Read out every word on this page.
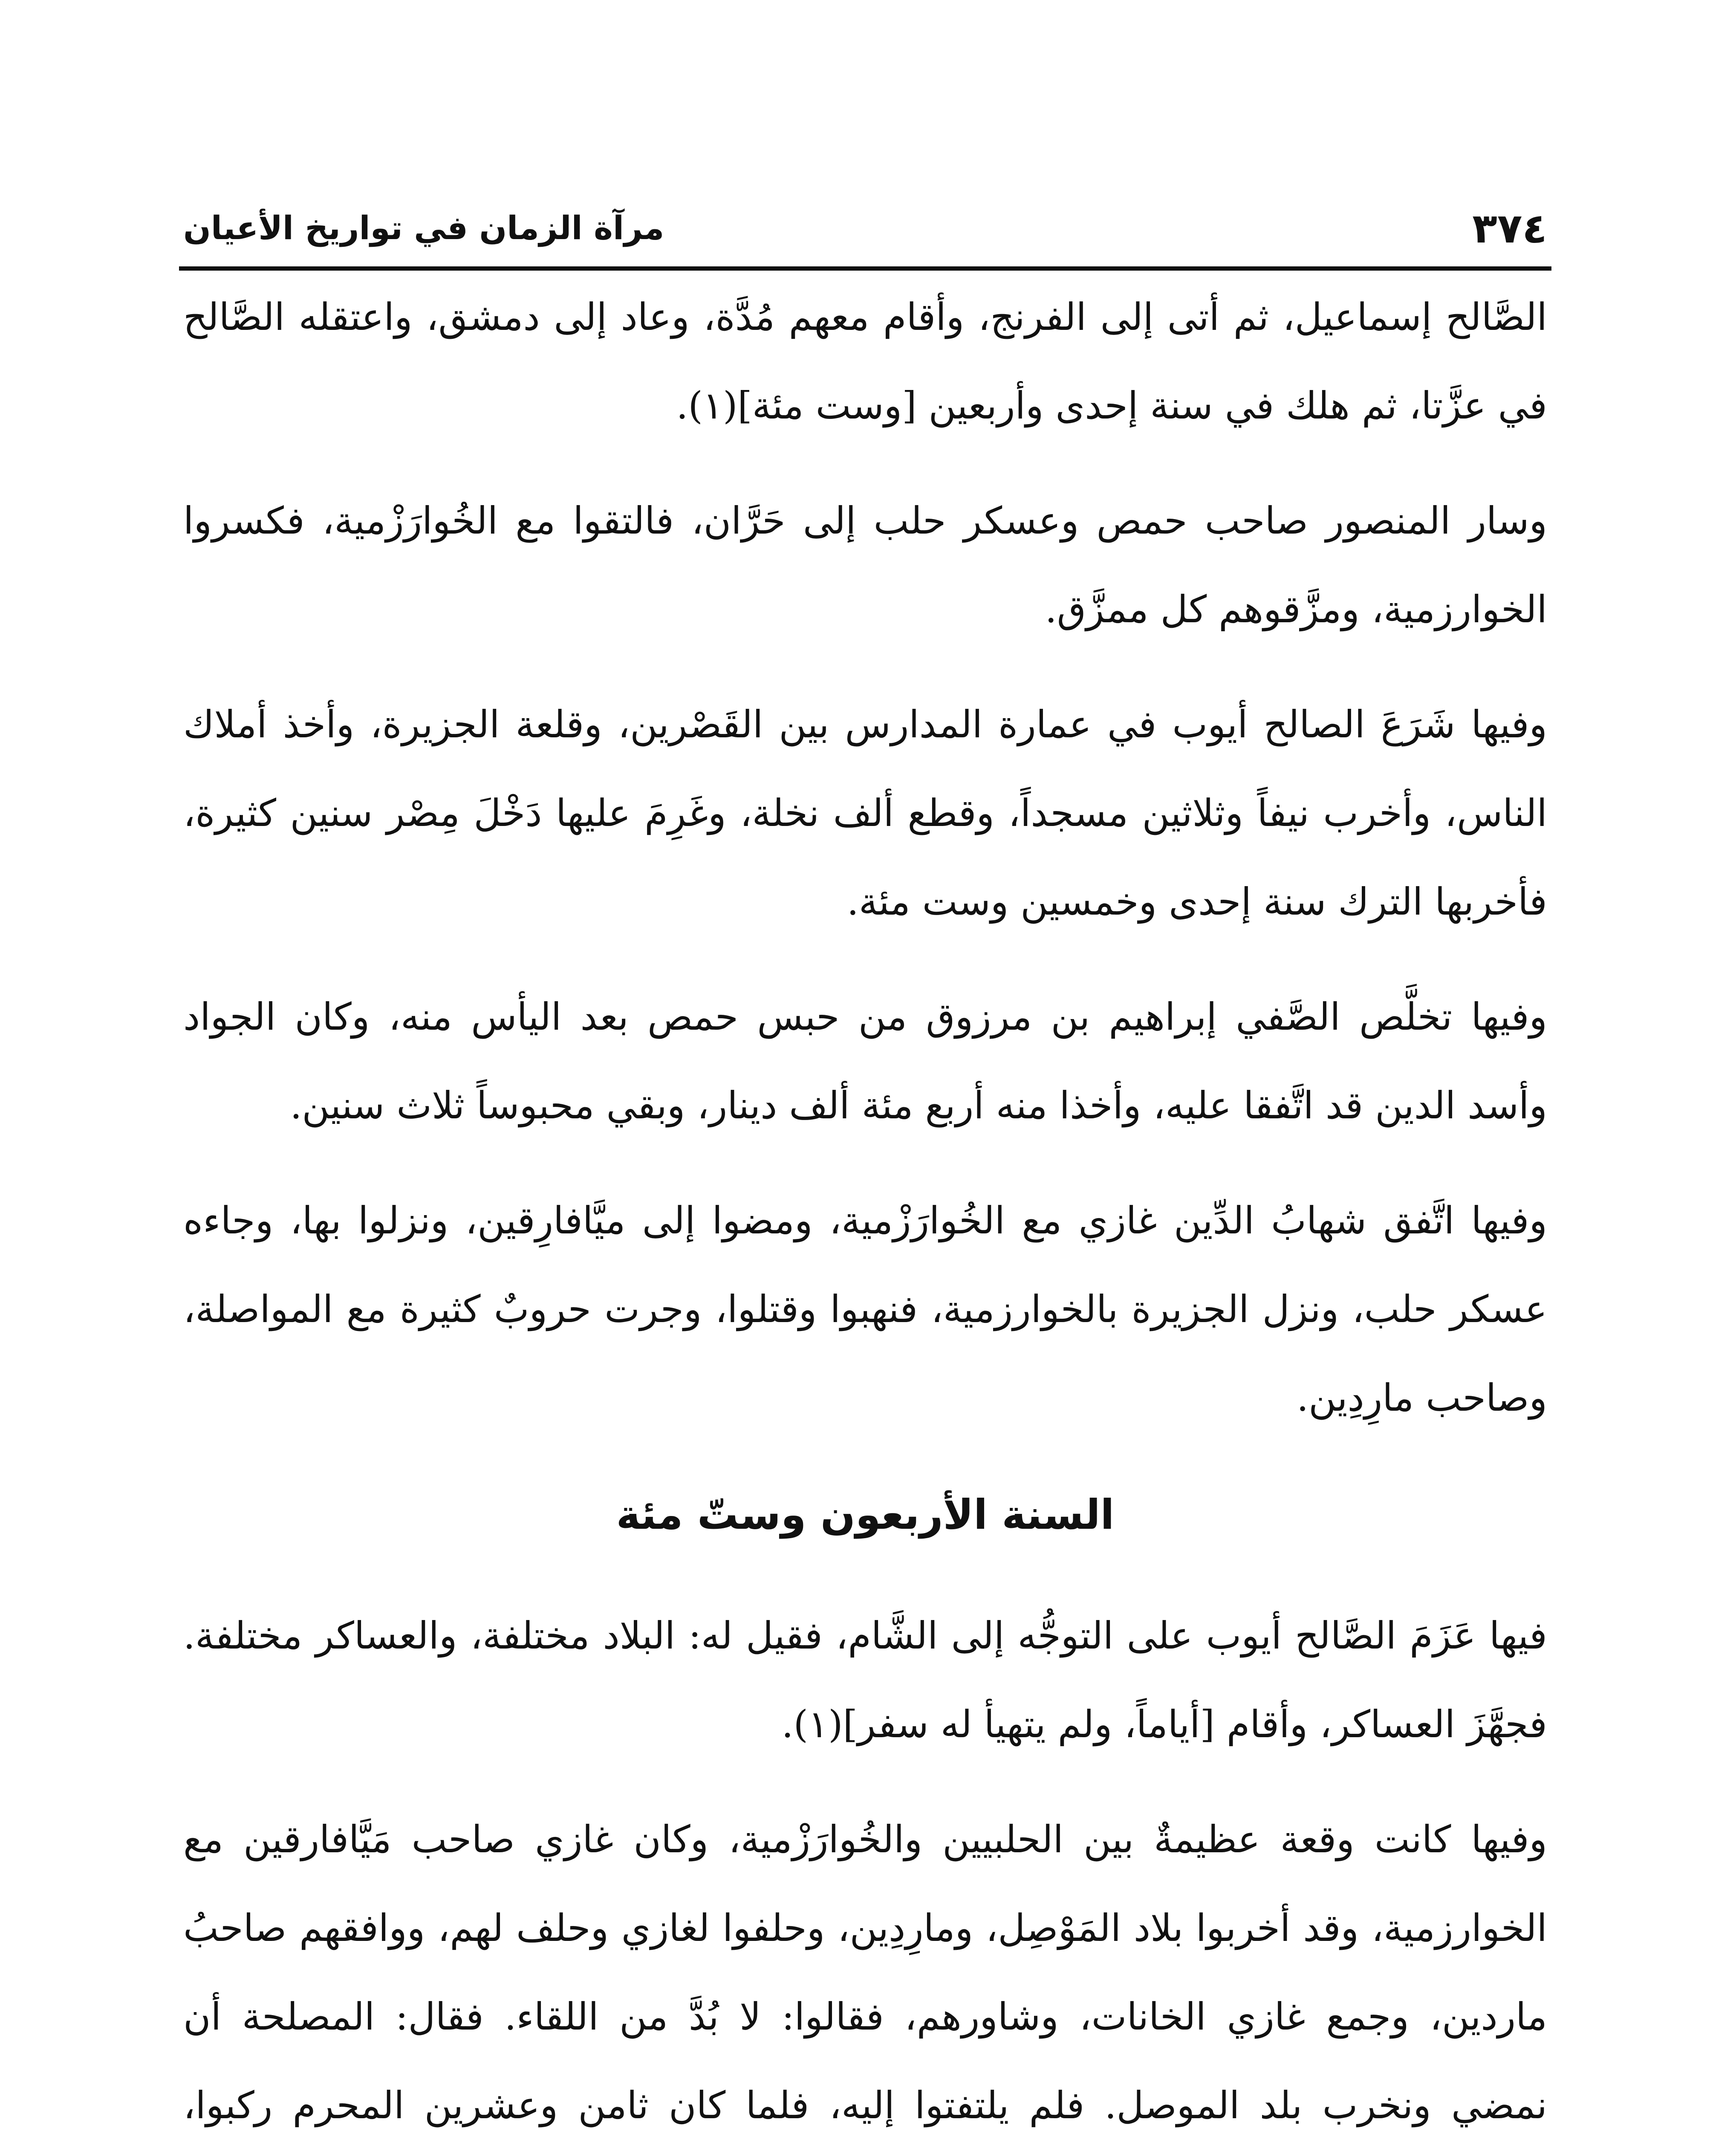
٣٧٤
مرآة الزمان في تواريخ الأعيان

الصَّالح إسماعيل، ثم أتى إلى الفرنج، وأقام معهم مُدَّة، وعاد إلى دمشق، واعتقله الصَّالح في عزَّتا، ثم هلك في سنة إحدى وأربعين [وست مئة](١).

وسار المنصور صاحب حمص وعسكر حلب إلى حَرَّان، فالتقوا مع الخُوارَزْمية، فكسروا الخوارزمية، ومزَّقوهم كل ممزَّق.

وفيها شَرَعَ الصالح أيوب في عمارة المدارس بين القَصْرين، وقلعة الجزيرة، وأخذ أملاك الناس، وأخرب نيفاً وثلاثين مسجداً، وقطع ألف نخلة، وغَرِمَ عليها دَخْلَ مِصْر سنين كثيرة، فأخربها الترك سنة إحدى وخمسين وست مئة.

وفيها تخلَّص الصَّفي إبراهيم بن مرزوق من حبس حمص بعد اليأس منه، وكان الجواد وأسد الدين قد اتَّفقا عليه، وأخذا منه أربع مئة ألف دينار، وبقي محبوساً ثلاث سنين.

وفيها اتَّفق شهابُ الدِّين غازي مع الخُوارَزْمية، ومضوا إلى ميَّافارِقين، ونزلوا بها، وجاءه عسكر حلب، ونزل الجزيرة بالخوارزمية، فنهبوا وقتلوا، وجرت حروبٌ كثيرة مع المواصلة، وصاحب مارِدِين.

السنة الأربعون وستّ مئة

فيها عَزَمَ الصَّالح أيوب على التوجُّه إلى الشَّام، فقيل له: البلاد مختلفة، والعساكر مختلفة. فجهَّزَ العساكر، وأقام [أياماً، ولم يتهيأ له سفر](١).

وفيها كانت وقعة عظيمةٌ بين الحلبيين والخُوارَزْمية، وكان غازي صاحب مَيَّافارقين مع الخوارزمية، وقد أخربوا بلاد المَوْصِل، ومارِدِين، وحلفوا لغازي وحلف لهم، ووافقهم صاحبُ ماردين، وجمع غازي الخانات، وشاورهم، فقالوا: لا بُدَّ من اللقاء. فقال: المصلحة أن نمضي ونخرب بلد الموصل. فلم يلتفتوا إليه، فلما كان ثامن وعشرين المحرم ركبوا،
